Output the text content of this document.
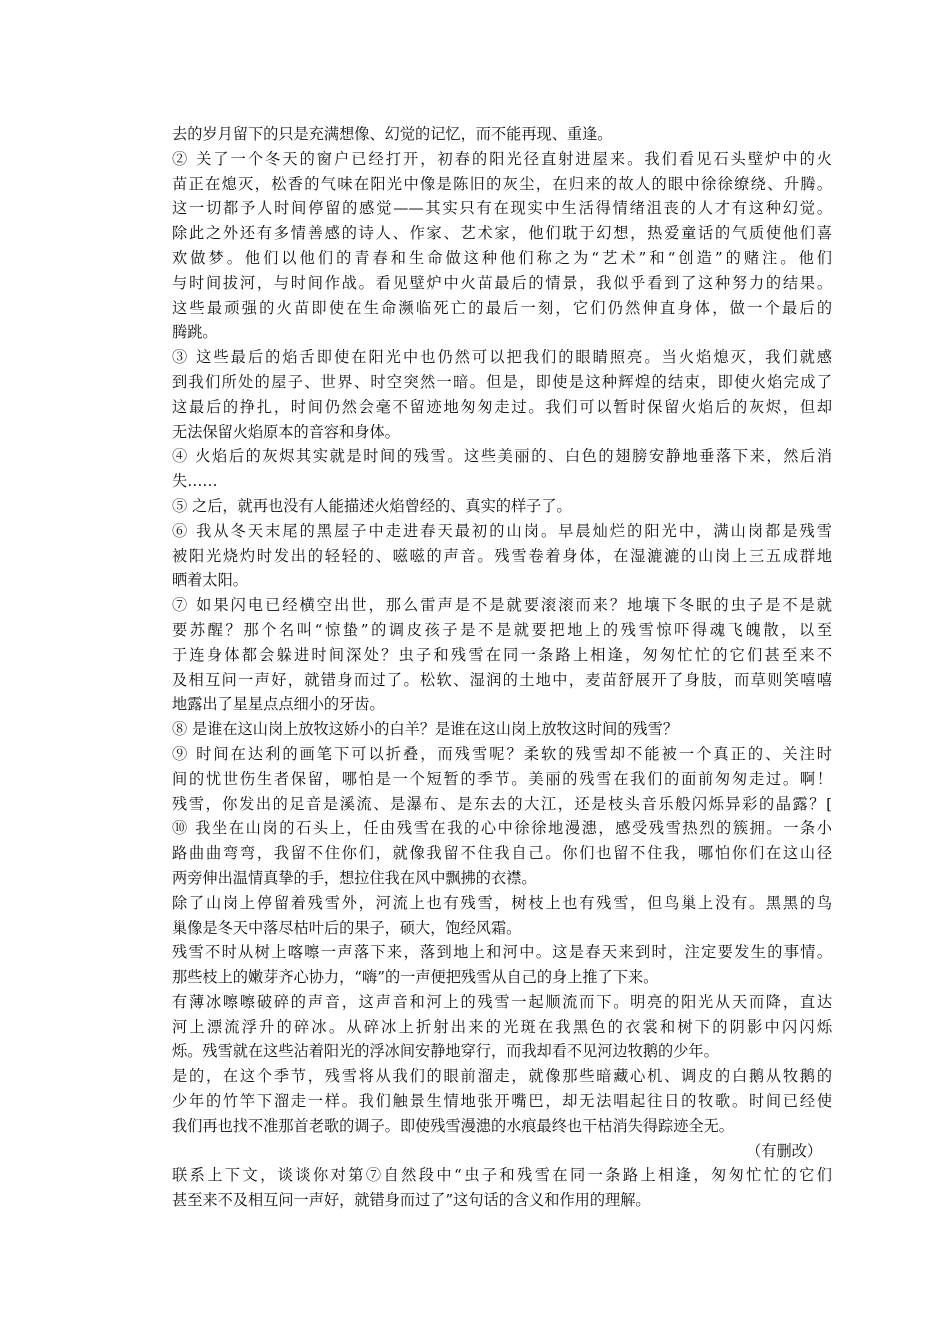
去的岁月留下的只是充满想像、幻觉的记忆，而不能再现、重逢。
② 关了一个冬天的窗户已经打开，初春的阳光径直射进屋来。我们看见石头壁炉中的火
苗正在熄灭，松香的气味在阳光中像是陈旧的灰尘，在归来的故人的眼中徐徐缭绕、升腾。
这一切都予人时间停留的感觉——其实只有在现实中生活得情绪沮丧的人才有这种幻觉。
除此之外还有多情善感的诗人、作家、艺术家，他们耽于幻想，热爱童话的气质使他们喜
欢做梦。他们以他们的青春和生命做这种他们称之为“艺术”和“创造”的赌注。他们
与时间拔河，与时间作战。看见壁炉中火苗最后的情景，我似乎看到了这种努力的结果。
这些最顽强的火苗即使在生命濒临死亡的最后一刻，它们仍然伸直身体，做一个最后的
腾跳。
③ 这些最后的焰舌即使在阳光中也仍然可以把我们的眼睛照亮。当火焰熄灭，我们就感
到我们所处的屋子、世界、时空突然一暗。但是，即使是这种辉煌的结束，即使火焰完成了
这最后的挣扎，时间仍然会毫不留迹地匆匆走过。我们可以暂时保留火焰后的灰烬，但却
无法保留火焰原本的音容和身体。
④ 火焰后的灰烬其实就是时间的残雪。这些美丽的、白色的翅膀安静地垂落下来，然后消
失……
⑤ 之后，就再也没有人能描述火焰曾经的、真实的样子了。
⑥ 我从冬天末尾的黑屋子中走进春天最初的山岗。早晨灿烂的阳光中，满山岗都是残雪
被阳光烧灼时发出的轻轻的、嗞嗞的声音。残雪卷着身体，在湿漉漉的山岗上三五成群地
晒着太阳。
⑦ 如果闪电已经横空出世，那么雷声是不是就要滚滚而来？地壤下冬眠的虫子是不是就
要苏醒？那个名叫“惊蛰”的调皮孩子是不是就要把地上的残雪惊吓得魂飞魄散，以至
于连身体都会躲进时间深处？虫子和残雪在同一条路上相逢，匆匆忙忙的它们甚至来不
及相互问一声好，就错身而过了。松软、湿润的土地中，麦苗舒展开了身肢，而草则笑嘻嘻
地露出了星星点点细小的牙齿。
⑧ 是谁在这山岗上放牧这娇小的白羊？是谁在这山岗上放牧这时间的残雪？
⑨ 时间在达利的画笔下可以折叠，而残雪呢？柔软的残雪却不能被一个真正的、关注时
间的忧世伤生者保留，哪怕是一个短暂的季节。美丽的残雪在我们的面前匆匆走过。啊！
残雪，你发出的足音是溪流、是瀑布、是东去的大江，还是枝头音乐般闪烁异彩的晶露？[
⑩ 我坐在山岗的石头上，任由残雪在我的心中徐徐地漫漶，感受残雪热烈的簇拥。一条小
路曲曲弯弯，我留不住你们，就像我留不住我自己。你们也留不住我，哪怕你们在这山径
两旁伸出温情真挚的手，想拉住我在风中飘拂的衣襟。
除了山岗上停留着残雪外，河流上也有残雪，树枝上也有残雪，但鸟巢上没有。黑黑的鸟
巢像是冬天中落尽枯叶后的果子，硕大，饱经风霜。
残雪不时从树上喀嚓一声落下来，落到地上和河中。这是春天来到时，注定要发生的事情。
那些枝上的嫩芽齐心协力，“嗨”的一声便把残雪从自己的身上推了下来。
有薄冰嚓嚓破碎的声音，这声音和河上的残雪一起顺流而下。明亮的阳光从天而降，直达
河上漂流浮升的碎冰。从碎冰上折射出来的光斑在我黑色的衣裳和树下的阴影中闪闪烁
烁。残雪就在这些沾着阳光的浮冰间安静地穿行，而我却看不见河边牧鹅的少年。
是的，在这个季节，残雪将从我们的眼前溜走，就像那些暗藏心机、调皮的白鹅从牧鹅的
少年的竹竿下溜走一样。我们触景生情地张开嘴巴，却无法唱起往日的牧歌。时间已经使
我们再也找不准那首老歌的调子。即使残雪漫漶的水痕最终也干枯消失得踪迹全无。
（有删改）
联系上下文，谈谈你对第⑦自然段中“虫子和残雪在同一条路上相逢，匆匆忙忙的它们
甚至来不及相互问一声好，就错身而过了”这句话的含义和作用的理解。
